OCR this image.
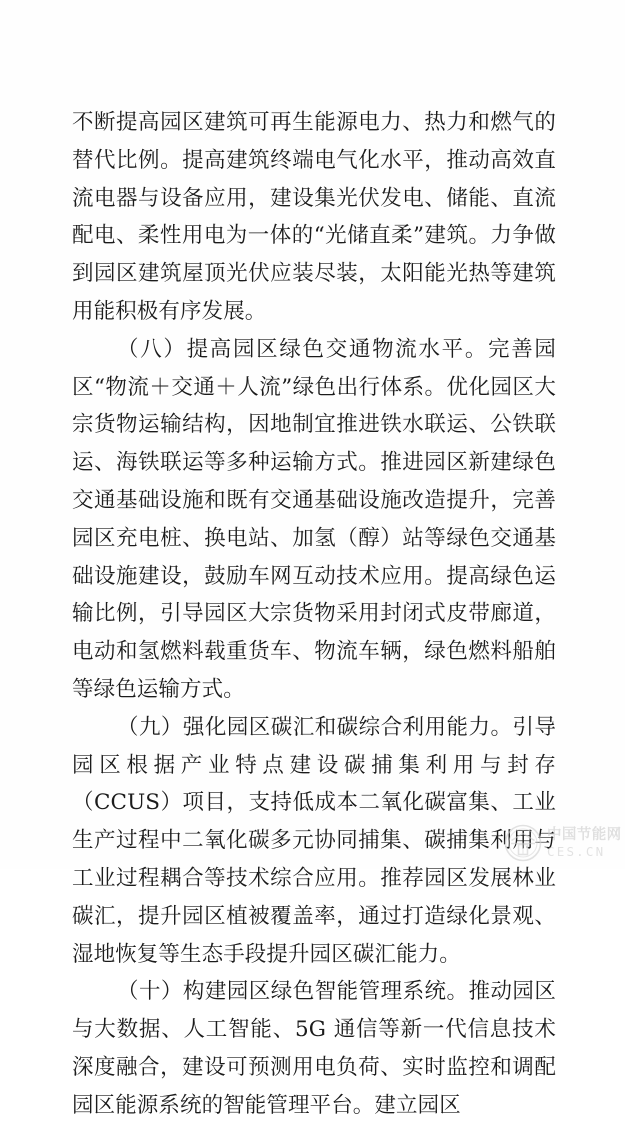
不断提高园区建筑可再生能源电力、热力和燃气的替代比例。提高建筑终端电气化水平，推动高效直流电器与设备应用，建设集光伏发电、储能、直流配电、柔性用电为一体的“光储直柔”建筑。力争做到园区建筑屋顶光伏应装尽装，太阳能光热等建筑用能积极有序发展。

（八）提高园区绿色交通物流水平。完善园区“物流＋交通＋人流”绿色出行体系。优化园区大宗货物运输结构，因地制宜推进铁水联运、公铁联运、海铁联运等多种运输方式。推进园区新建绿色交通基础设施和既有交通基础设施改造提升，完善园区充电桩、换电站、加氢（醇）站等绿色交通基础设施建设，鼓励车网互动技术应用。提高绿色运输比例，引导园区大宗货物采用封闭式皮带廊道，电动和氢燃料载重货车、物流车辆，绿色燃料船舶等绿色运输方式。

（九）强化园区碳汇和碳综合利用能力。引导园区根据产业特点建设碳捕集利用与封存（CCUS）项目，支持低成本二氧化碳富集、工业生产过程中二氧化碳多元协同捕集、碳捕集利用与工业过程耦合等技术综合应用。推荐园区发展林业碳汇，提升园区植被覆盖率，通过打造绿化景观、湿地恢复等生态手段提升园区碳汇能力。

（十）构建园区绿色智能管理系统。推动园区与大数据、人工智能、5G 通信等新一代信息技术深度融合，建设可预测用电负荷、实时监控和调配园区能源系统的智能管理平台。建立园区

中国节能网
CES.CN
